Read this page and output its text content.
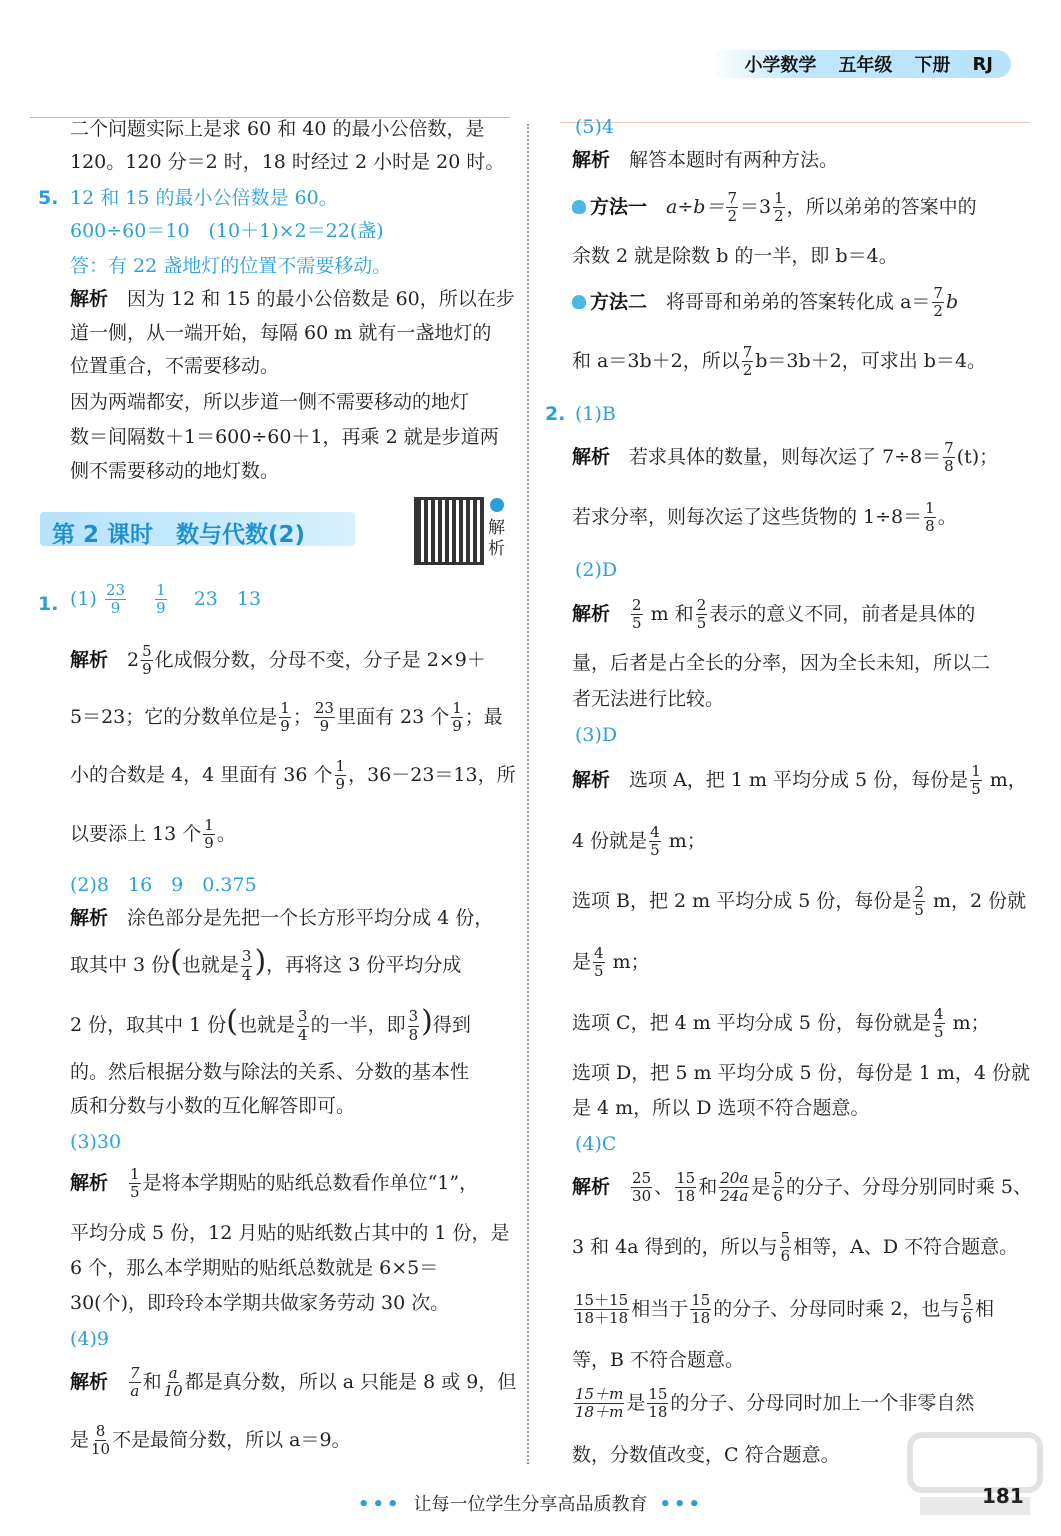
小学数学 五年级 下册 RJ
二个问题实际上是求 60 和 40 的最小公倍数，是
120。120 分＝2 时，18 时经过 2 小时是 20 时。
5. 12 和 15 的最小公倍数是 60。
600÷60＝10　(10＋1)×2＝22(盏)
答：有 22 盏地灯的位置不需要移动。
解析　 因为 12 和 15 的最小公倍数是 60，所以在步
道一侧，从一端开始，每隔 60 m 就有一盏地灯的
位置重合，不需要移动。
因为两端都安，所以步道一侧不需要移动的地灯
数＝间隔数＋1＝600÷60＋1，再乘 2 就是步道两
侧不需要移动的地灯数。
第 2 课时　数与代数(2)	解析
1. $(1) \frac{23}{9}$
　 $\frac{1}{9}$
　 23　13
解析　 $2 \frac{5}{9}$ 化成假分数，分母不变，分子是 2×9＋
5＝23；它的分数单位是 $\frac{1}{9}$ ； $\frac{23}{9}$ 里面有 23 个 $\frac{1}{9}$ ；最
小的合数是 4，4 里面有 36 个 $\frac{1}{9}$ ，36－23＝13，所
以要添上 13 个 $\frac{1}{9}$ 。
(2)8　16　9　0.375
解析　 涂色部分是先把一个长方形平均分成 4 份，
取其中 3 份(也就是 $\frac{3}{4}$ )，再将这 3 份平均分成
2 份，取其中 1 份(也就是 $\frac{3}{4}$ 的一半，即 $\frac{3}{8}$ )得到
的。然后根据分数与除法的关系、分数的基本性
质和分数与小数的互化解答即可。
(3)30
解析　 $\frac{1}{5}$ 是将本学期贴的贴纸总数看作单位“1”，
平均分成 5 份，12 月贴的贴纸数占其中的 1 份，是
6 个，那么本学期贴的贴纸总数就是 6×5＝
30(个)，即玲玲本学期共做家务劳动 30 次。
(4)9
解析　 $\frac{7}{a}$ 和 $\frac{a}{10}$ 都是真分数，所以 a 只能是 8 或 9，但
是 $\frac{8}{10}$ 不是最简分数，所以 a＝9。
(5)4
解析　 解答本题时有两种方法。
方法一　 $a\div b= \frac{7}{2} =3 \frac{1}{2}$ ，所以弟弟的答案中的
余数 2 就是除数 b 的一半，即 b＝4。
方法二　 将哥哥和弟弟的答案转化成 $a= \frac{7}{2}$ b
和 a＝3b＋2，所以 $\frac{7}{2} b=3b+2$，可求出 b＝4。
2. (1)B
解析　 若求具体的数量，则每次运了 $7\div 8= \frac{7}{8} (t)$；
若求分率，则每次运了这些货物的 $1\div 8= \frac{1}{8}$ 。
(2)D
解析　 $\frac{2}{5}$ m 和 $\frac{2}{5}$ 表示的意义不同，前者是具体的
量，后者是占全长的分率，因为全长未知，所以二
者无法进行比较。
(3)D
解析　 选项 A，把 1 m 平均分成 5 份，每份是 $\frac{1}{5}$ m，
4 份就是 $\frac{4}{5}$ m；
选项 B，把 2 m 平均分成 5 份，每份是 $\frac{2}{5}$ m，2 份就
是 $\frac{4}{5}$ m；
选项 C，把 4 m 平均分成 5 份，每份就是 $\frac{4}{5}$ m；
选项 D，把 5 m 平均分成 5 份，每份是 1 m，4 份就
是 4 m，所以 D 选项不符合题意。
(4)C
解析　 $\frac{25}{30}$ 、 $\frac{15}{18}$ 和 $\frac{20a}{24a}$ 是 $\frac{5}{6}$ 的分子、分母分别同时乘 5、
3 和 4a 得到的，所以与 $\frac{5}{6}$ 相等，A、D 不符合题意。
$\frac{15+15}{18+18}$ 相当于 $\frac{15}{18}$ 的分子、分母同时乘 2，也与 $\frac{5}{6}$ 相
等，B 不符合题意。
$\frac{15+m}{18+m}$ 是 $\frac{15}{18}$ 的分子、分母同时加上一个非零自然
数，分数值改变，C 符合题意。
••• 让每一位学生分享高品质教育 •••	181
